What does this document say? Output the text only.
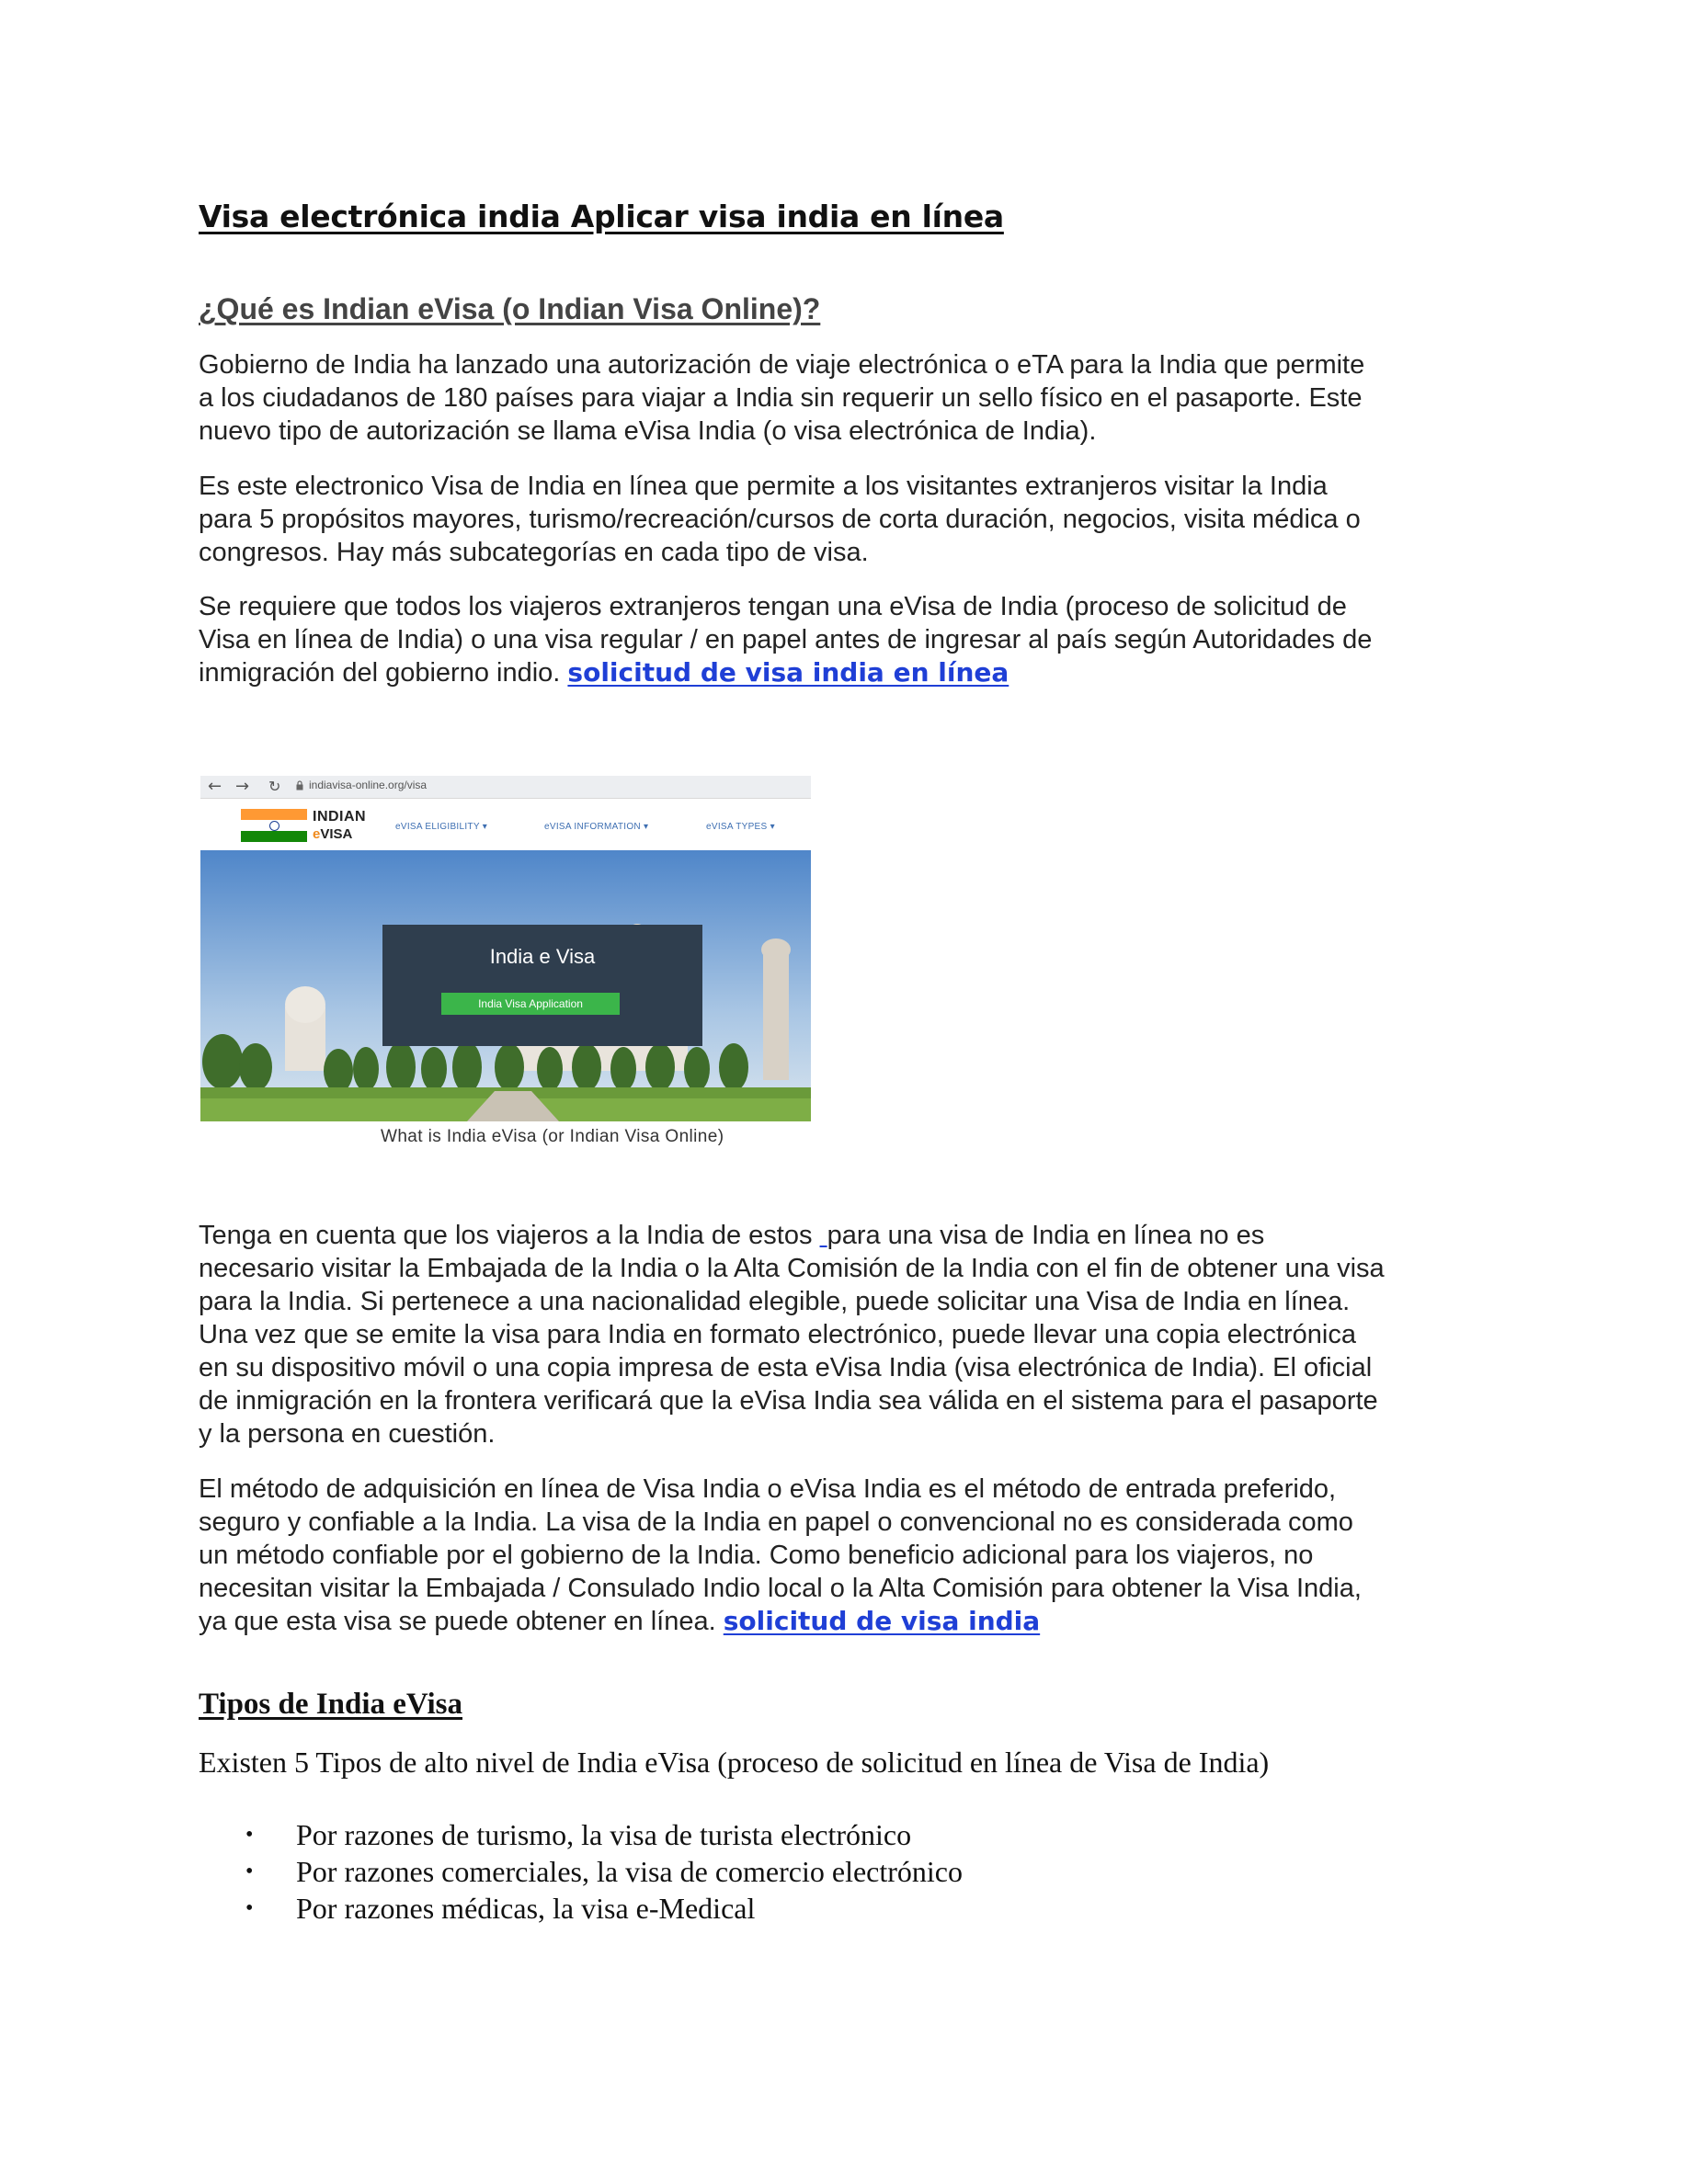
Visa electrónica india Aplicar visa india en línea
¿Qué es Indian eVisa (o Indian Visa Online)?

Gobierno de India ha lanzado una autorización de viaje electrónica o eTA para la India que permite
a los ciudadanos de 180 países para viajar a India sin requerir un sello físico en el pasaporte. Este
nuevo tipo de autorización se llama eVisa India (o visa electrónica de India).

Es este electronico Visa de India en línea que permite a los visitantes extranjeros visitar la India
para 5 propósitos mayores, turismo/recreación/cursos de corta duración, negocios, visita médica o
congresos. Hay más subcategorías en cada tipo de visa.

Se requiere que todos los viajeros extranjeros tengan una eVisa de India (proceso de solicitud de
Visa en línea de India) o una visa regular / en papel antes de ingresar al país según Autoridades de
inmigración del gobierno indio. solicitud de visa india en línea

Tenga en cuenta que los viajeros a la India de estos para una visa de India en línea no es
necesario visitar la Embajada de la India o la Alta Comisión de la India con el fin de obtener una visa
para la India. Si pertenece a una nacionalidad elegible, puede solicitar una Visa de India en línea.
Una vez que se emite la visa para India en formato electrónico, puede llevar una copia electrónica
en su dispositivo móvil o una copia impresa de esta eVisa India (visa electrónica de India). El oficial
de inmigración en la frontera verificará que la eVisa India sea válida en el sistema para el pasaporte
y la persona en cuestión.

El método de adquisición en línea de Visa India o eVisa India es el método de entrada preferido,
seguro y confiable a la India. La visa de la India en papel o convencional no es considerada como
un método confiable por el gobierno de la India. Como beneficio adicional para los viajeros, no
necesitan visitar la Embajada / Consulado Indio local o la Alta Comisión para obtener la Visa India,
ya que esta visa se puede obtener en línea. solicitud de visa india

Tipos de India eVisa

Existen 5 Tipos de alto nivel de India eVisa (proceso de solicitud en línea de Visa de India)

• Por razones de turismo, la visa de turista electrónico
• Por razones comerciales, la visa de comercio electrónico
• Por razones médicas, la visa e-Medical
← → ↻	indiavisa-online.org/visa
INDIAN
eVISA	eVISA ELIGIBILITY ▾	eVISA INFORMATION ▾	eVISA TYPES ▾
India e Visa
India Visa Application
What is India eVisa (or Indian Visa Online)
